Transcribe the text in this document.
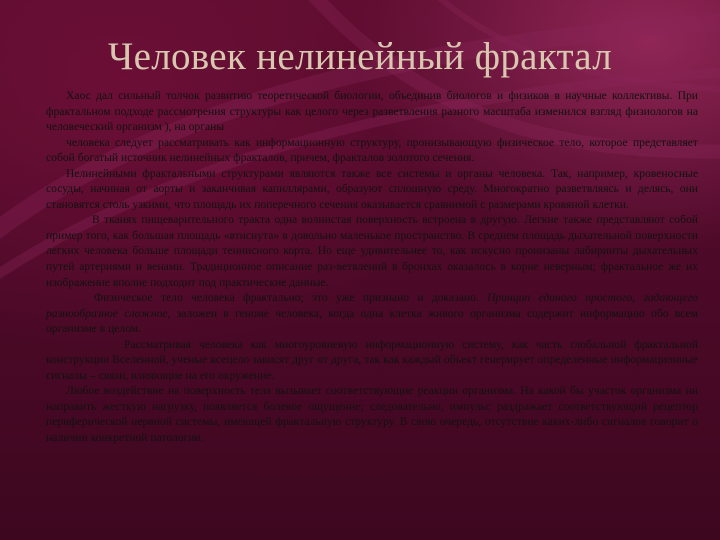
Человек нелинейный фрактал

Хаос дал сильный толчок развитию теоретической биологии, объединив биологов и физиков в научные коллективы. При фрактальном подходе рассмотрения структуры как целого через разветвления разного масштаба изменился взгляд физиологов на человеческий организм ), на органы

человека следует рассматривать как информационную структуру, пронизывающую физическое тело, которое представляет собой богатый источник нелинейных фракталов, причем, фракталов золотого сечения.

Нелинейными фрактальными структурами являются также все системы и органы человека. Так, например, кровеносные сосуды, начиная от аорты и заканчивая капиллярами, образуют сплошную среду. Многократно разветвляясь и делясь, они становятся столь узкими, что площадь их поперечного сечения оказывается сравнимой с размерами кровяной клетки.

В тканях пищеварительного тракта одна волнистая поверхность встроена в другую. Легкие также представляют собой пример того, как большая площадь «втиснута» в довольно маленькое пространство. В среднем площадь дыхательной поверхности легких человека больше площади теннисного корта. Но еще удивительнее то, как искусно пронизаны лабиринты дыхательных путей артериями и венами. Традиционное описание раз-ветвлений в бронхах оказалось в корне неверным; фрактальное же их изображение вполне подходит под практические данные.

Физическое тело человека фрактально; это уже признано и доказано. Принцип единого простого, задающего разнообразное сложное, заложен в геноме человека, когда одна клетка живого организма содержит информацию обо всем организме в целом.

Рассматривая человека как многоуровневую информационную систему, как часть глобальной фрактальной конструкции Вселенной, ученые всецело зависят друг от друга, так как каждый объект генерирует определенные информационные сигналы – связи, влияющие на его окружение.

Любое воздействие на поверхность тела вызывает соответствующие реакции организма. На какой бы участок организма ни направить жесткую нагрузку, появляется болевое ощущение; следовательно, импульс раздражает соответствующий рецептор периферической нервной системы, имеющей фрактальную структуру. В свою очередь, отсутствие каких-либо сигналов говорит о наличии конкретной патологии.
